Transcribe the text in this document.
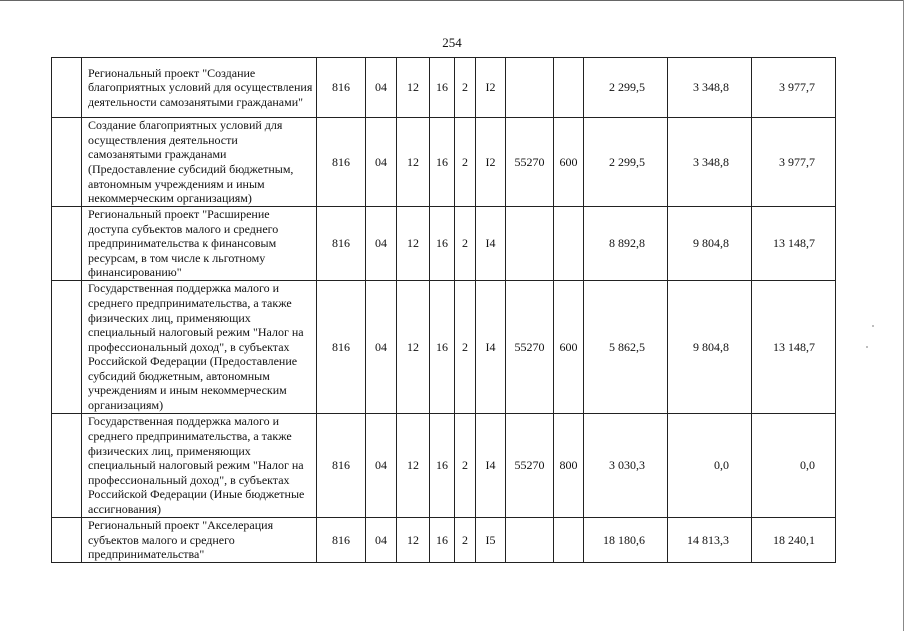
254
	Региональный проект "Создание благоприятных условий для осуществления деятельности самозанятыми гражданами"	816	04	12	16	2	I2			2 299,5	3 348,8	3 977,7
	Создание благоприятных условий для осуществления деятельности самозанятыми гражданами (Предоставление субсидий бюджетным, автономным учреждениям и иным некоммерческим организациям)	816	04	12	16	2	I2	55270	600	2 299,5	3 348,8	3 977,7
	Региональный проект "Расширение доступа субъектов малого и среднего предпринимательства к финансовым ресурсам, в том числе к льготному финансированию"	816	04	12	16	2	I4			8 892,8	9 804,8	13 148,7
	Государственная поддержка малого и среднего предпринимательства, а также физических лиц, применяющих специальный налоговый режим "Налог на профессиональный доход", в субъектах Российской Федерации (Предоставление субсидий бюджетным, автономным учреждениям и иным некоммерческим организациям)	816	04	12	16	2	I4	55270	600	5 862,5	9 804,8	13 148,7
	Государственная поддержка малого и среднего предпринимательства, а также физических лиц, применяющих специальный налоговый режим "Налог на профессиональный доход", в субъектах Российской Федерации (Иные бюджетные ассигнования)	816	04	12	16	2	I4	55270	800	3 030,3	0,0	0,0
	Региональный проект "Акселерация субъектов малого и среднего предпринимательства"	816	04	12	16	2	I5			18 180,6	14 813,3	18 240,1
